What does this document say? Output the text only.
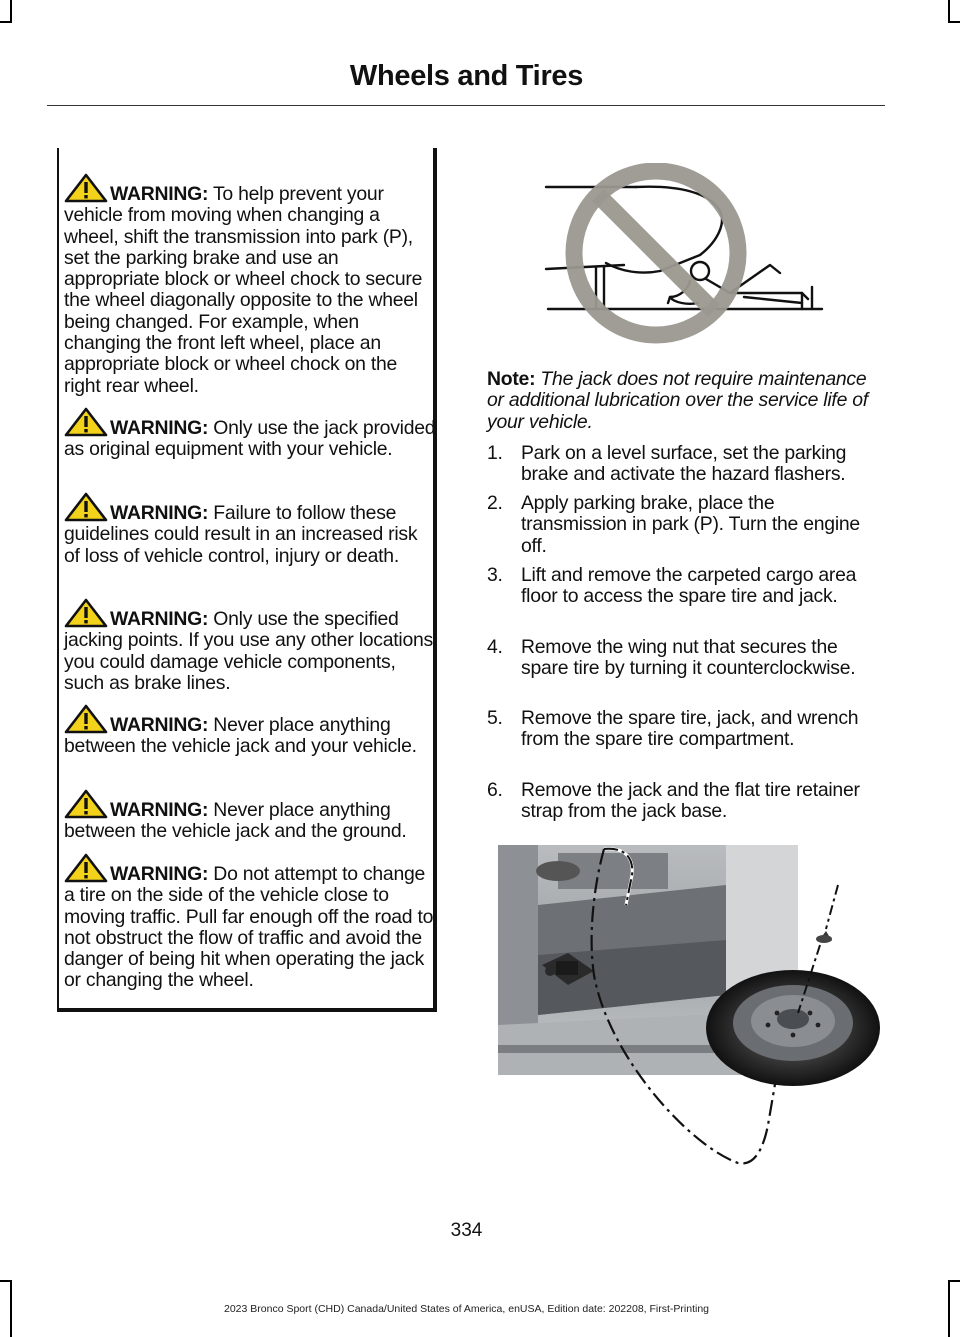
Wheels and Tires
WARNING: To help prevent your vehicle from moving when changing a wheel, shift the transmission into park (P), set the parking brake and use an appropriate block or wheel chock to secure the wheel diagonally opposite to the wheel being changed. For example, when changing the front left wheel, place an appropriate block or wheel chock on the right rear wheel.
WARNING: Only use the jack provided as original equipment with your vehicle.
WARNING: Failure to follow these guidelines could result in an increased risk of loss of vehicle control, injury or death.
WARNING: Only use the specified jacking points. If you use any other locations you could damage vehicle components, such as brake lines.
WARNING: Never place anything between the vehicle jack and your vehicle.
WARNING: Never place anything between the vehicle jack and the ground.
WARNING: Do not attempt to change a tire on the side of the vehicle close to moving traffic. Pull far enough off the road to not obstruct the flow of traffic and avoid the danger of being hit when operating the jack or changing the wheel.
Note: The jack does not require maintenance or additional lubrication over the service life of your vehicle.
1. Park on a level surface, set the parking brake and activate the hazard flashers.
2. Apply parking brake, place the transmission in park (P). Turn the engine off.
3. Lift and remove the carpeted cargo area floor to access the spare tire and jack.
4. Remove the wing nut that secures the spare tire by turning it counterclockwise.
5. Remove the spare tire, jack, and wrench from the spare tire compartment.
6. Remove the jack and the flat tire retainer strap from the jack base.
334
2023 Bronco Sport (CHD) Canada/United States of America, enUSA, Edition date: 202208, First-Printing
